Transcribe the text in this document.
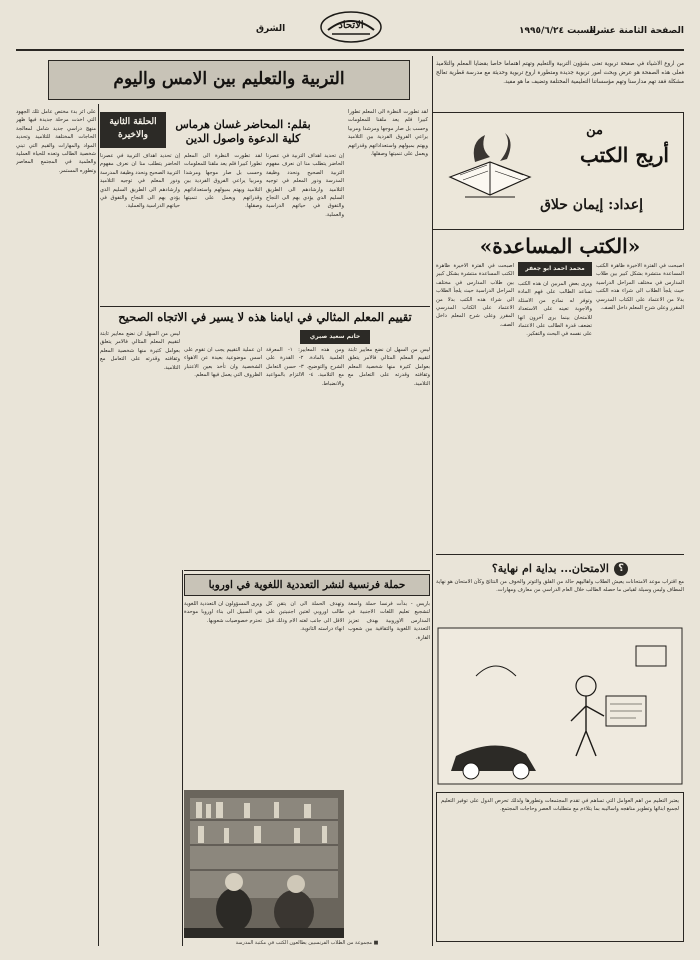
الصفحة الثامنة عشرة
السبت ١٩٩٥/٦/٢٤
الاتحاد
الشرق
التربية والتعليم بين الامس واليوم
من اروع الاشياء في صفحة تربوية تعنى بشؤون التربية والتعليم وتهتم اهتماما خاصا بقضايا المعلم والتلاميذ فعلى هذه الصفحة هو عرض وبحث امور تربوية جديدة ومتطورة اروع تربوية وحديثة مع مدرسة قطرية تعالج مشكلة فقد تهم مدارسنا وتهم مؤسساتنا التعليمية المختلفة وتضيف ما هو مفيد.
من
أريج الكتب
إعداد: إيمان حلاق
«الكتب المساعدة»
اصبحت في الفترة الاخيرة ظاهرة الكتب المساعدة منتشرة بشكل كبير بين طلاب المدارس في مختلف المراحل الدراسية حيث يلجأ الطلاب الى شراء هذه الكتب بدلا من الاعتماد على الكتاب المدرسي المقرر وعلى شرح المعلم داخل الصف.
محمد احمد ابو جعفر
ويرى بعض المربين ان هذه الكتب تساعد الطالب على فهم المادة وتوفر له نماذج من الاسئلة والاجوبة تعينه على الاستعداد للامتحان بينما يرى آخرون انها تضعف قدرة الطالب على الاعتماد على نفسه في البحث والتفكير.
اصبحت في الفترة الاخيرة ظاهرة الكتب المساعدة منتشرة بشكل كبير بين طلاب المدارس في مختلف المراحل الدراسية حيث يلجأ الطلاب الى شراء هذه الكتب بدلا من الاعتماد على الكتاب المدرسي المقرر وعلى شرح المعلم داخل الصف.
الحلقة الثانية والاخيرة
بقلم: المحاضر غسان هرماس
كلية الدعوة واصول الدين
على اثر بدء مختص عامل تلك الجهود التي اخذت مرحلة جديدة فيها ظهر منهج دراسي جديد شامل لمعالجة الحاجات المختلفة للتلاميذ وتحديد المواد والمهارات والقيم التي تبني شخصية الطالب وتعده للحياة العملية والعلمية في المجتمع المعاصر وتطوره المستمر.
إن تحديد اهداف التربية في عصرنا الحاضر يتطلب منا ان نعرف مفهوم التربية الصحيح ونحدد وظيفة المدرسة ودور المعلم في توجيه التلاميذ وارشادهم الى الطريق السليم الذي يؤدي بهم الى النجاح والتفوق في حياتهم الدراسية والعملية.
لقد تطورت النظرة الى المعلم تطورا كبيرا فلم يعد ملقنا للمعلومات وحسب بل صار موجها ومرشدا ومربيا يراعي الفروق الفردية بين التلاميذ ويهتم بميولهم واستعداداتهم وقدراتهم ويعمل على تنميتها وصقلها.
إن تحديد اهداف التربية في عصرنا الحاضر يتطلب منا ان نعرف مفهوم التربية الصحيح ونحدد وظيفة المدرسة ودور المعلم في توجيه التلاميذ وارشادهم الى الطريق السليم الذي يؤدي بهم الى النجاح والتفوق في حياتهم الدراسية والعملية.
لقد تطورت النظرة الى المعلم تطورا كبيرا فلم يعد ملقنا للمعلومات وحسب بل صار موجها ومرشدا ومربيا يراعي الفروق الفردية بين التلاميذ ويهتم بميولهم واستعداداتهم وقدراتهم ويعمل على تنميتها وصقلها.
تقييم المعلم المثالي في ايامنا هذه لا يسير في الاتجاه الصحيح
حاتم سعيد صبري
ليس من السهل ان نضع معايير ثابتة لتقييم المعلم المثالي فالامر يتعلق بعوامل كثيرة منها شخصية المعلم وثقافته وقدرته على التعامل مع التلاميذ.
ومن هذه المعايير: ١- المعرفة العلمية بالمادة. ٢- القدرة على الشرح والتوضيح. ٣- حسن التعامل مع التلاميذ. ٤- الالتزام بالمواعيد والانضباط.
ان عملية التقييم يجب ان تقوم على اسس موضوعية بعيدة عن الاهواء الشخصية وان تأخذ بعين الاعتبار الظروف التي يعمل فيها المعلم.
ليس من السهل ان نضع معايير ثابتة لتقييم المعلم المثالي فالامر يتعلق بعوامل كثيرة منها شخصية المعلم وثقافته وقدرته على التعامل مع التلاميذ.
؟ الامتحان... بداية ام نهاية؟
مع اقتراب موعد الامتحانات يعيش الطلاب واهاليهم حالة من القلق والتوتر والخوف من النتائج وكأن الامتحان هو نهاية المطاف وليس وسيلة لقياس ما حصله الطالب خلال العام الدراسي من معارف ومهارات.
يعتبر التعليم من اهم العوامل التي تساهم في تقدم المجتمعات وتطورها ولذلك تحرص الدول على توفير التعليم لجميع ابنائها وتطوير مناهجه واساليبه بما يتلاءم مع متطلبات العصر وحاجات المجتمع.
حملة فرنسية لنشر التعددية اللغوية في اوروبا
باريس - بدأت فرنسا حملة واسعة لتشجيع تعليم اللغات الاجنبية في المدارس الاوروبية بهدف تعزيز التعددية اللغوية والثقافية بين شعوب القارة.
وتهدف الحملة الى ان يتقن كل طالب اوروبي لغتين اجنبيتين على الاقل الى جانب لغته الام وذلك قبل انهاء دراسته الثانوية.
ويرى المسؤولون ان التعددية اللغوية هي السبيل الى بناء اوروبا موحدة تحترم خصوصيات شعوبها.
■ مجموعة من الطلاب الفرنسيين يطالعون الكتب في مكتبة المدرسة
